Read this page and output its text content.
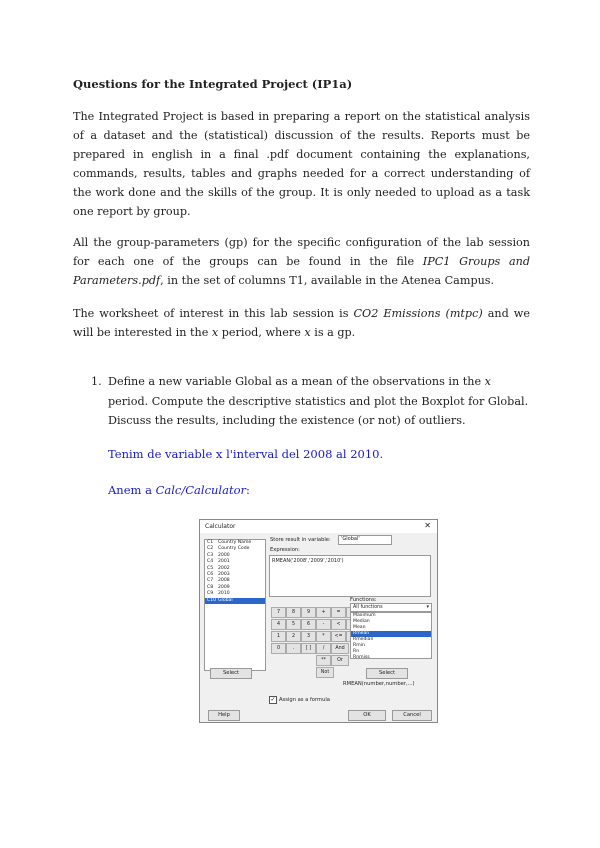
Questions for the Integrated Project (IP1a)

The Integrated Project is based in preparing a report on the statistical analysis of a dataset and the (statistical) discussion of the results. Reports must be prepared in english in a final .pdf document containing the explanations, commands, results, tables and graphs needed for a correct understanding of the work done and the skills of the group. It is only needed to upload as a task one report by group.

All the group-parameters (gp) for the specific configuration of the lab session for each one of the groups can be found in the file IPC1 Groups and Parameters.pdf, in the set of columns T1, available in the Atenea Campus.

The worksheet of interest in this lab session is CO2 Emissions (mtpc) and we will be interested in the x period, where x is a gp.

1. Define a new variable Global as a mean of the observations in the x period. Compute the descriptive statistics and plot the Boxplot for Global. Discuss the results, including the existence (or not) of outliers.
Tenim de variable x l'interval del 2008 al 2010.
Anem a Calc/Calculator:
Calculator	✕
C1	Country Name
C2	Country Code
C3	2000
C4	2001
C5	2002
C6	2003
C7	2008
C8	2009
C9	2010
C10 Global
Store result in variable:	'Global'
Expression:
RMEAN('2008','2009','2010')
7	8	9	+	=
4	5	6	-	<
1	2	3	*	<=
0	.	[ ]	/	And
Or
**
Not
Functions:
All functions	▾
Maximum
Median
Mean
Rmean
Rmedian
Rmin
Rn
Rnmiss
Select	Select
RMEAN(number,number,...)
✓ Assign as a formula
Help	OK	Cancel
